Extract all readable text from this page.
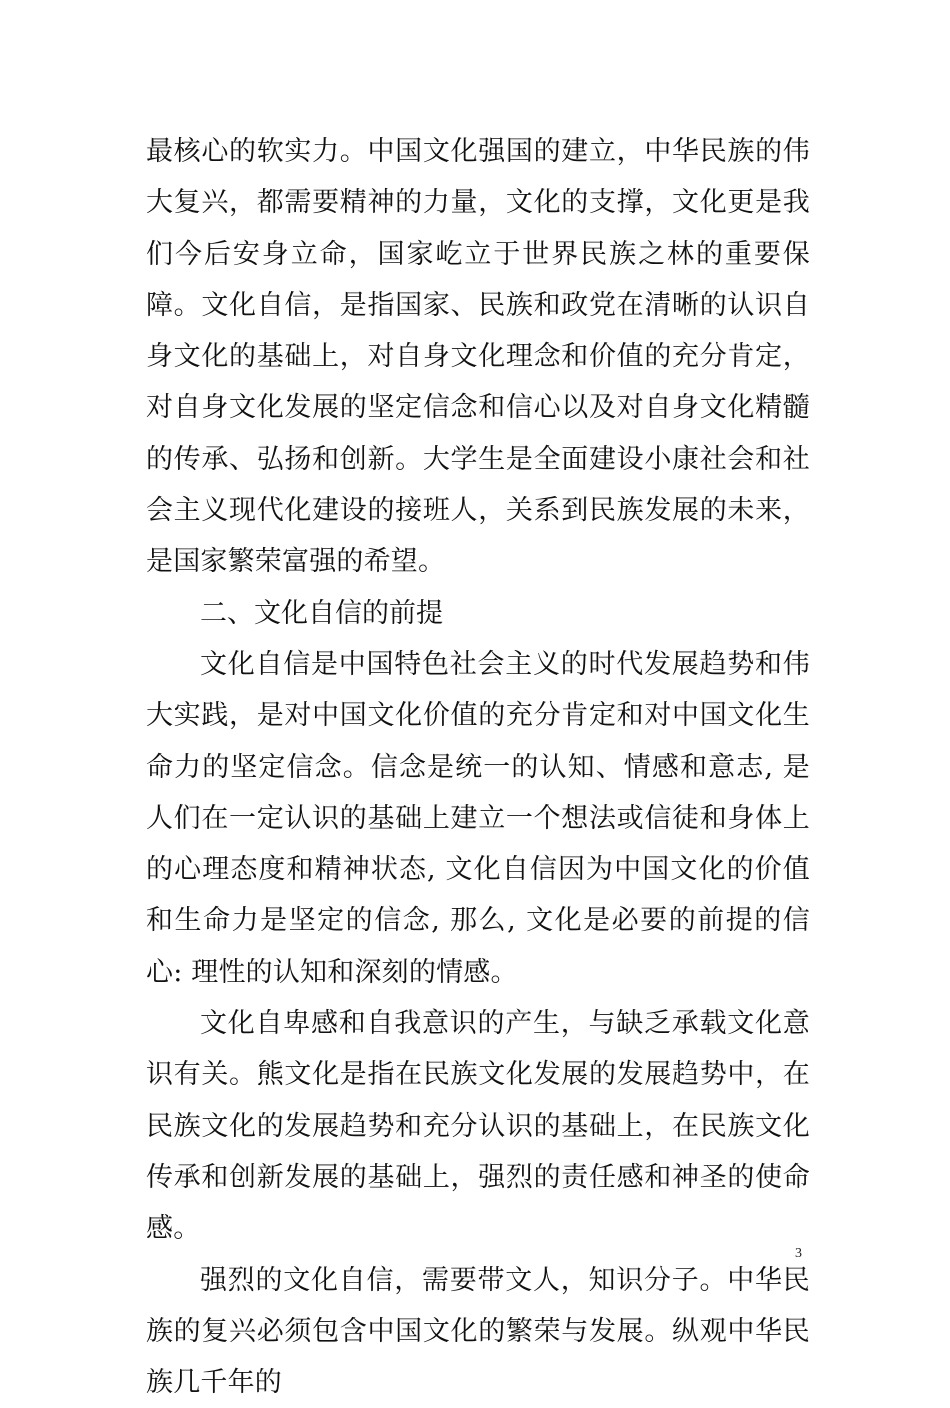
最核心的软实力。中国文化强国的建立，中华民族的伟大复兴，都需要精神的力量，文化的支撑，文化更是我们今后安身立命，国家屹立于世界民族之林的重要保障。文化自信，是指国家、民族和政党在清晰的认识自身文化的基础上，对自身文化理念和价值的充分肯定，对自身文化发展的坚定信念和信心以及对自身文化精髓的传承、弘扬和创新。大学生是全面建设小康社会和社会主义现代化建设的接班人，关系到民族发展的未来，是国家繁荣富强的希望。

二、文化自信的前提

文化自信是中国特色社会主义的时代发展趋势和伟大实践，是对中国文化价值的充分肯定和对中国文化生命力的坚定信念。信念是统一的认知、情感和意志, 是人们在一定认识的基础上建立一个想法或信徒和身体上的心理态度和精神状态, 文化自信因为中国文化的价值和生命力是坚定的信念, 那么, 文化是必要的前提的信心: 理性的认知和深刻的情感。

文化自卑感和自我意识的产生，与缺乏承载文化意识有关。熊文化是指在民族文化发展的发展趋势中，在民族文化的发展趋势和充分认识的基础上，在民族文化传承和创新发展的基础上，强烈的责任感和神圣的使命感。

强烈的文化自信，需要带文人，知识分子。中华民族的复兴必须包含中国文化的繁荣与发展。纵观中华民族几千年的

3
